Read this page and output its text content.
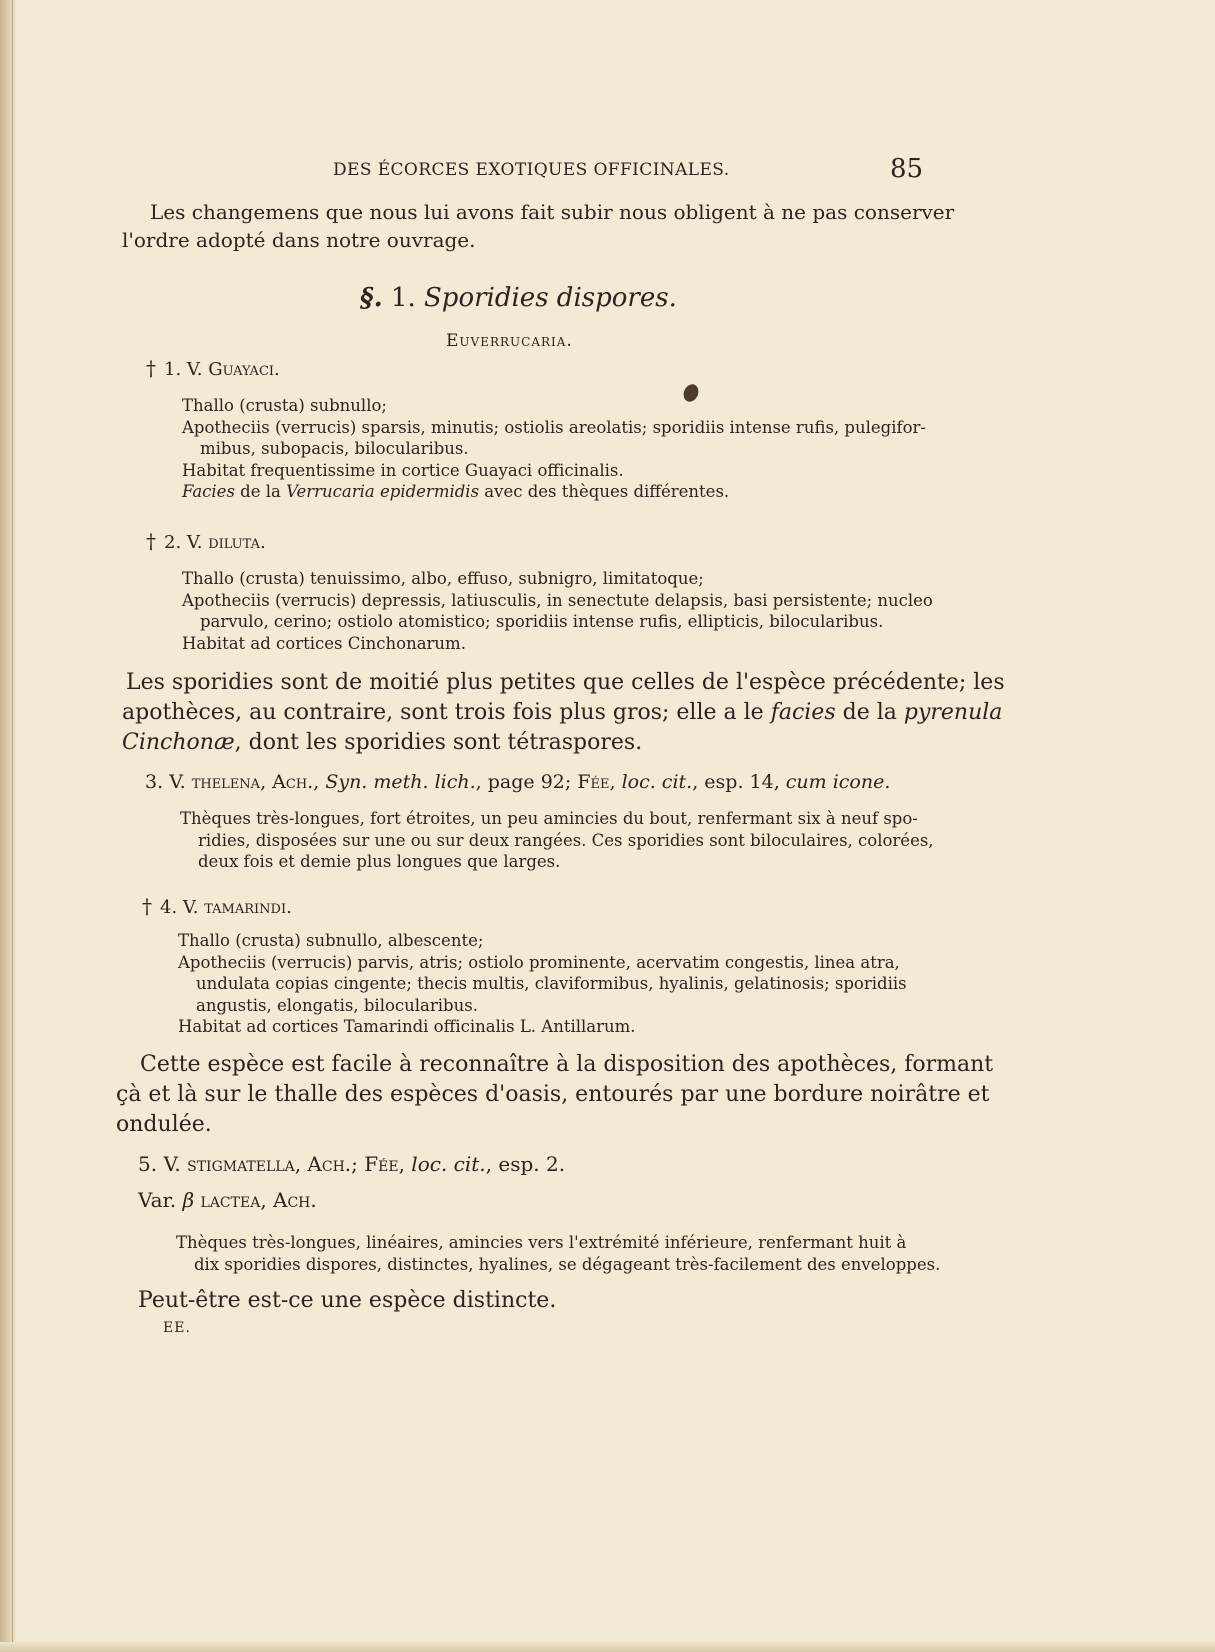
DES ÉCORCES EXOTIQUES OFFICINALES.	85
Les changemens que nous lui avons fait subir nous obligent à ne pas conserver
l'ordre adopté dans notre ouvrage.
§. 1. Sporidies dispores.
Euverrucaria.
† 1. V. Guayaci.
Thallo (crusta) subnullo;
Apotheciis (verrucis) sparsis, minutis; ostiolis areolatis; sporidiis intense rufis, pulegifor-
mibus, subopacis, bilocularibus.
Habitat frequentissime in cortice Guayaci officinalis.
Facies de la Verrucaria epidermidis avec des thèques différentes.
† 2. V. diluta.
Thallo (crusta) tenuissimo, albo, effuso, subnigro, limitatoque;
Apotheciis (verrucis) depressis, latiusculis, in senectute delapsis, basi persistente; nucleo
parvulo, cerino; ostiolo atomistico; sporidiis intense rufis, ellipticis, bilocularibus.
Habitat ad cortices Cinchonarum.
Les sporidies sont de moitié plus petites que celles de l'espèce précédente; les
apothèces, au contraire, sont trois fois plus gros; elle a le facies de la pyrenula
Cinchonæ, dont les sporidies sont tétraspores.
3. V. thelena, Ach., Syn. meth. lich., page 92; Fée, loc. cit., esp. 14, cum icone.
Thèques très-longues, fort étroites, un peu amincies du bout, renfermant six à neuf spo-
ridies, disposées sur une ou sur deux rangées. Ces sporidies sont biloculaires, colorées,
deux fois et demie plus longues que larges.
† 4. V. tamarindi.
Thallo (crusta) subnullo, albescente;
Apotheciis (verrucis) parvis, atris; ostiolo prominente, acervatim congestis, linea atra,
undulata copias cingente; thecis multis, claviformibus, hyalinis, gelatinosis; sporidiis
angustis, elongatis, bilocularibus.
Habitat ad cortices Tamarindi officinalis L. Antillarum.
Cette espèce est facile à reconnaître à la disposition des apothèces, formant
çà et là sur le thalle des espèces d'oasis, entourés par une bordure noirâtre et
ondulée.
5. V. stigmatella, Ach.; Fée, loc. cit., esp. 2.
Var. β lactea, Ach.
Thèques très-longues, linéaires, amincies vers l'extrémité inférieure, renfermant huit à
dix sporidies dispores, distinctes, hyalines, se dégageant très-facilement des enveloppes.
Peut-être est-ce une espèce distincte.
EE.
